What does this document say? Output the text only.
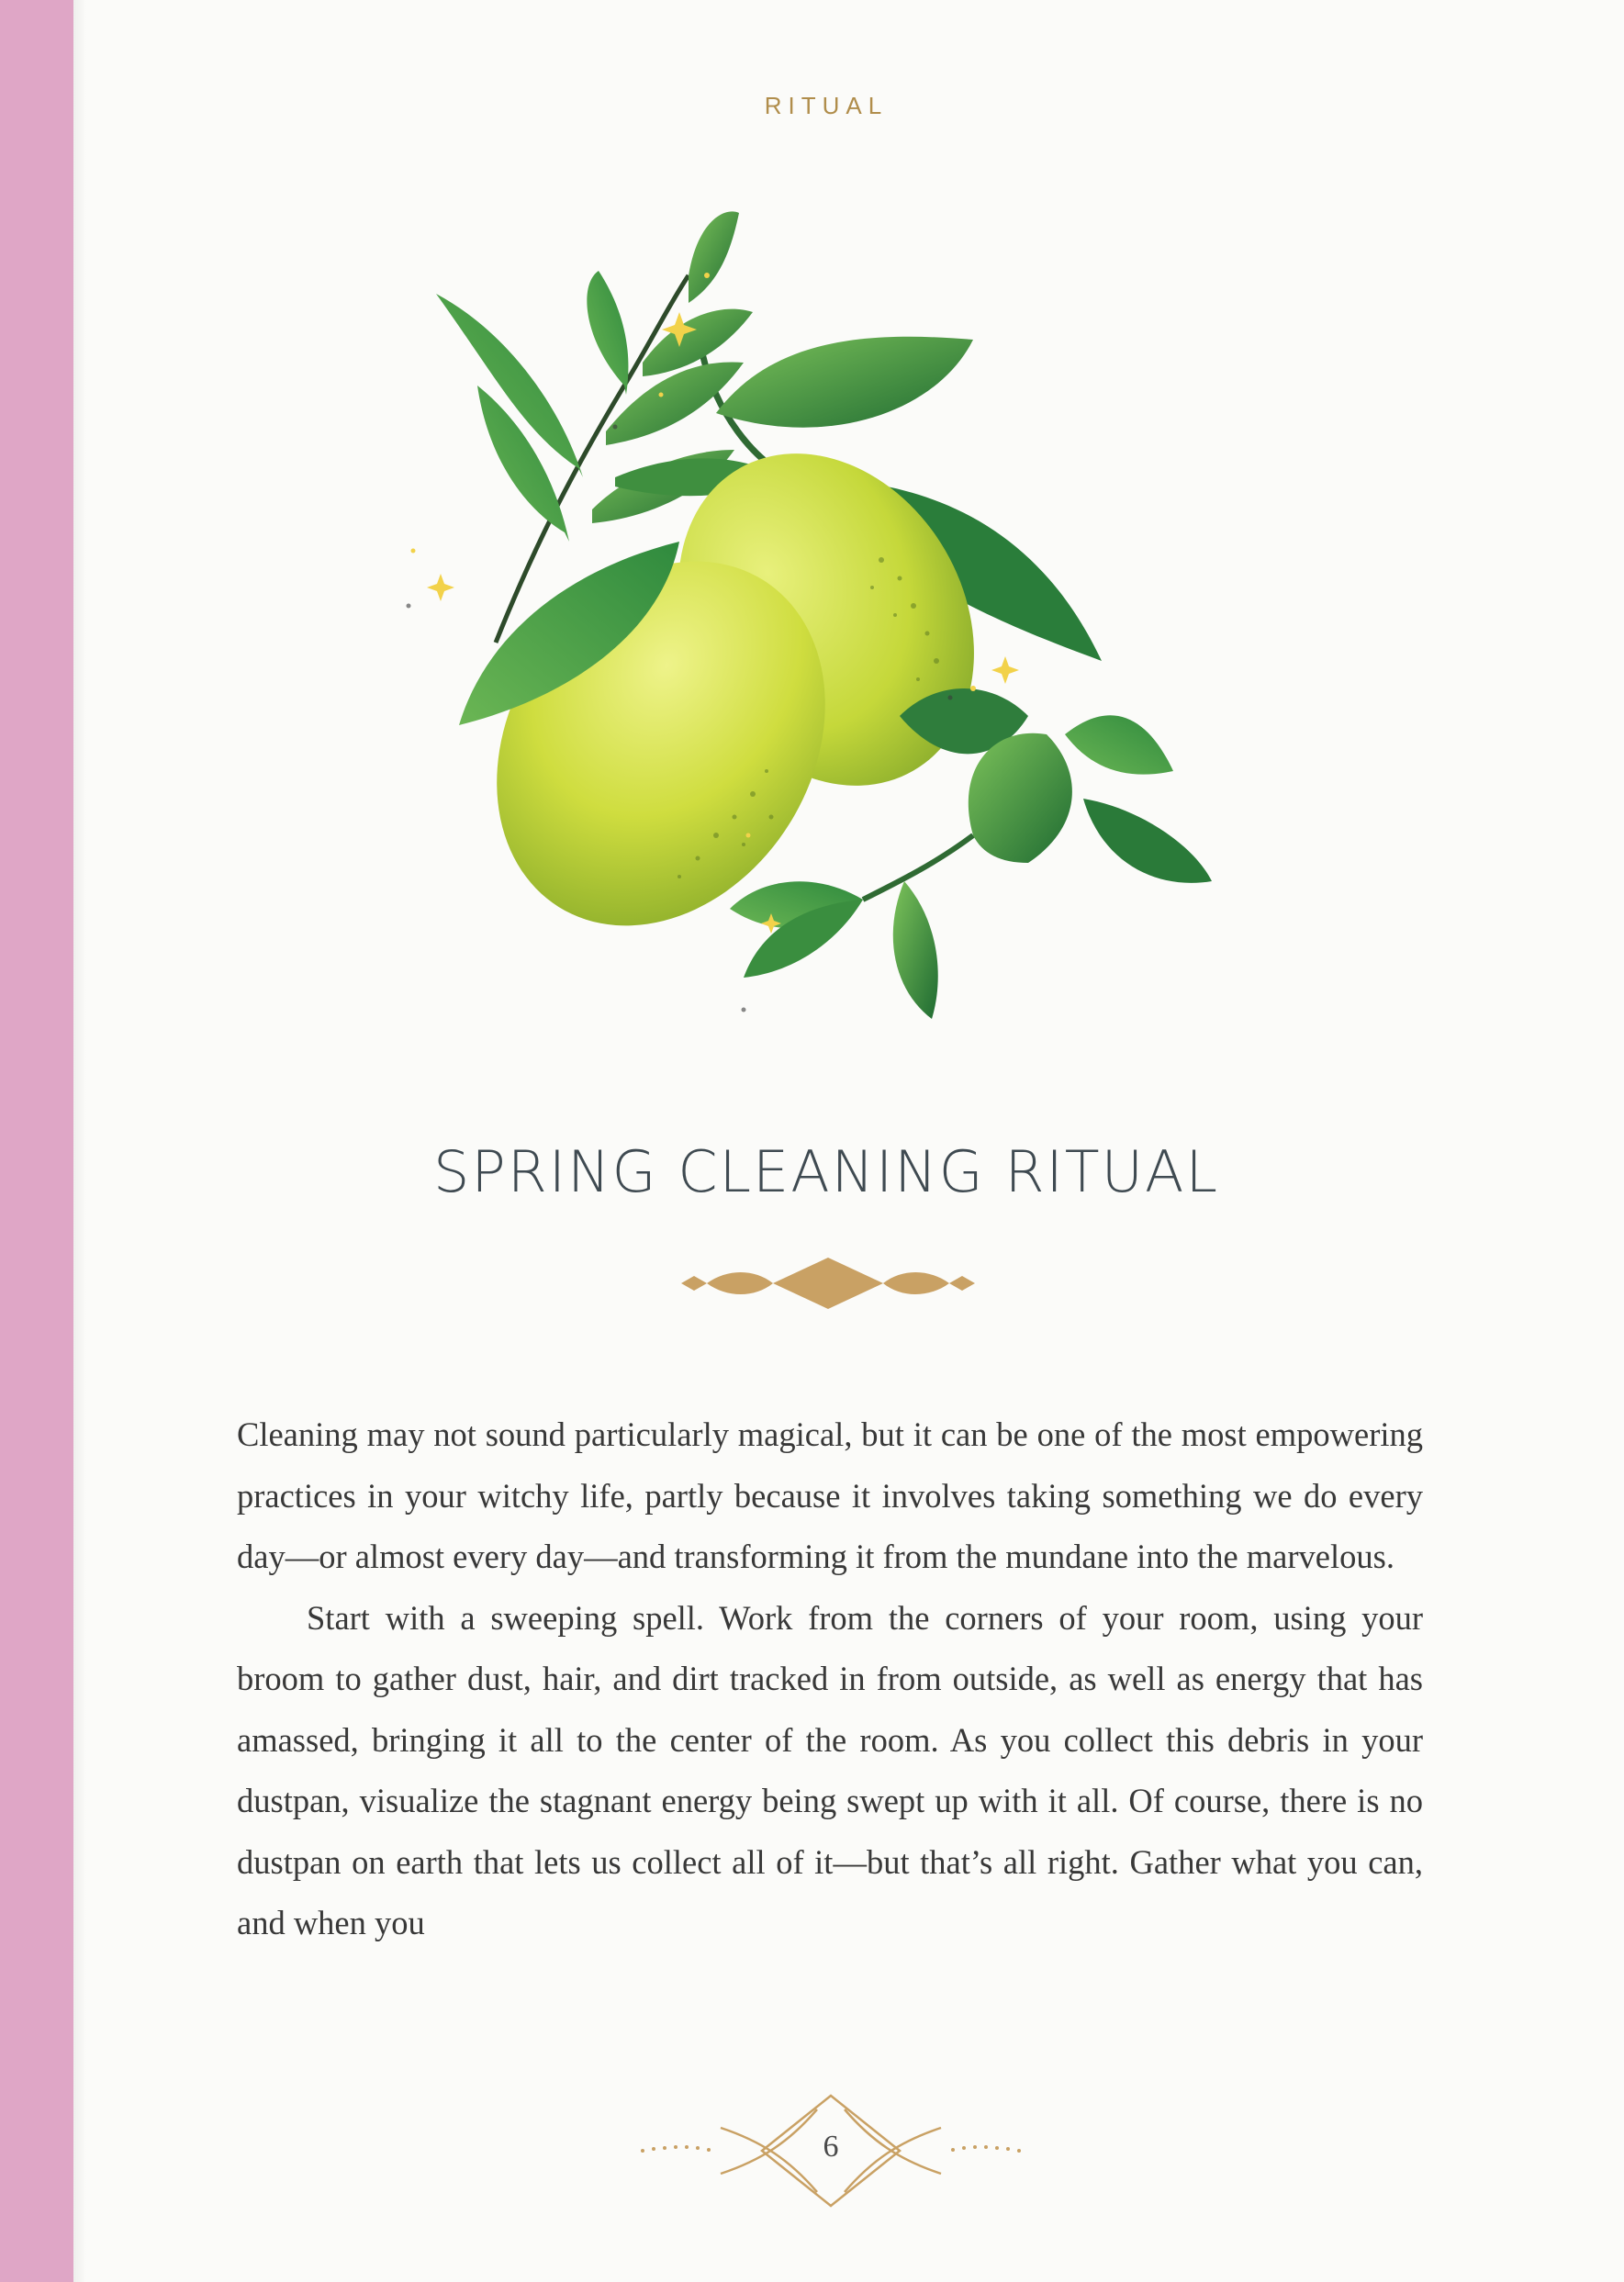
RITUAL
SPRING CLEANING RITUAL

Cleaning may not sound particularly magical, but it can be one of the most empowering practices in your witchy life, partly because it involves taking something we do every day—or almost every day—and transforming it from the mundane into the marvelous.

Start with a sweeping spell. Work from the corners of your room, using your broom to gather dust, hair, and dirt tracked in from outside, as well as energy that has amassed, bringing it all to the center of the room. As you collect this debris in your dustpan, visualize the stagnant energy being swept up with it all. Of course, there is no dustpan on earth that lets us collect all of it—but that’s all right. Gather what you can, and when you

6
